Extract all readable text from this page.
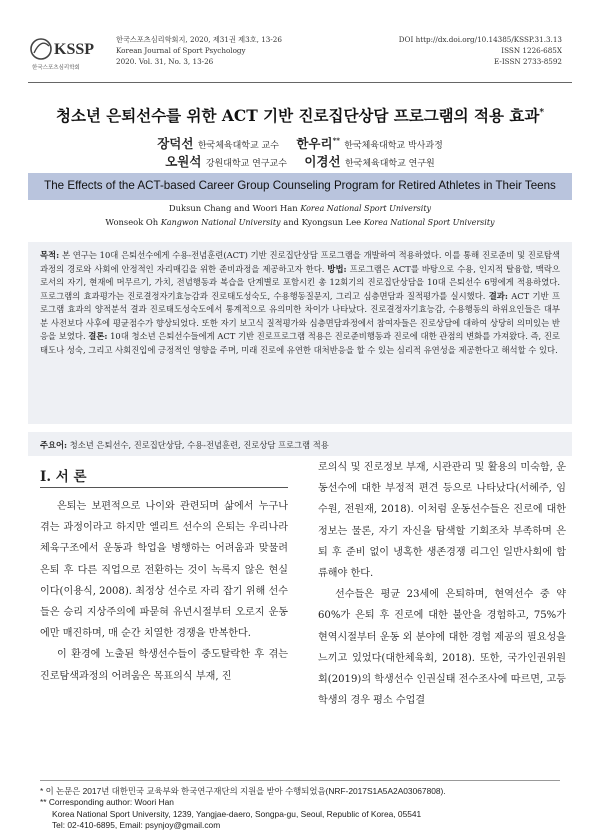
KSSP
한국스포츠심리학회
한국스포츠심리학회지, 2020, 제31권 제3호, 13-26
Korean Journal of Sport Psychology
2020. Vol. 31, No. 3, 13-26
DOI http://dx.doi.org/10.14385/KSSP.31.3.13
ISSN 1226-685X
E-ISSN 2733-8592
청소년 은퇴선수를 위한 ACT 기반 진로집단상담 프로그램의 적용 효과*
장덕선 한국체육대학교 교수 한우리** 한국체육대학교 박사과정
오원석 강원대학교 연구교수 이경선 한국체육대학교 연구원
The Effects of the ACT-based Career Group Counseling Program for Retired Athletes in Their Teens
Duksun Chang and Woori Han Korea National Sport University
Wonseok Oh Kangwon National University and Kyongsun Lee Korea National Sport University
목적: 본 연구는 10대 은퇴선수에게 수용-전념훈련(ACT) 기반 진로집단상담 프로그램을 개발하여 적용하였다. 이를 통해 진로준비 및 진로탐색 과정의 경로와 사회에 안정적인 자리매김을 위한 준비과정을 제공하고자 한다. 방법: 프로그램은 ACT를 바탕으로 수용, 인지적 탈융합, 맥락으로서의 자기, 현재에 머무르기, 가치, 전념행동과 복습을 단계별로 포함시킨 총 12회기의 진로집단상담을 10대 은퇴선수 6명에게 적용하였다. 프로그램의 효과평가는 진로결정자기효능감과 진로태도성숙도, 수용행동질문지, 그리고 심층면담과 질적평가를 실시했다. 결과: ACT 기반 프로그램 효과의 양적분석 결과 진로태도성숙도에서 통계적으로 유의미한 차이가 나타났다. 진로결정자기효능감, 수용행동의 하위요인들은 대부분 사전보다 사후에 평균점수가 향상되었다. 또한 자기 보고식 질적평가와 심층면담과정에서 참여자들은 진로상담에 대하여 상당히 의미있는 반응을 보였다. 결론: 10대 청소년 은퇴선수들에게 ACT 기반 진로프로그램 적용은 진로준비행동과 진로에 대한 관점의 변화를 가져왔다. 즉, 진로태도나 성숙, 그리고 사회진입에 긍정적인 영향을 주며, 미래 진로에 유연한 대처반응을 할 수 있는 심리적 유연성을 제공한다고 해석할 수 있다.
주요어: 청소년 은퇴선수, 진로집단상담, 수용-전념훈련, 진로상담 프로그램 적용
I. 서 론

은퇴는 보편적으로 나이와 관련되며 삶에서 누구나 겪는 과정이라고 하지만 엘리트 선수의 은퇴는 우리나라 체육구조에서 운동과 학업을 병행하는 어려움과 맞물려 은퇴 후 다른 직업으로 전환하는 것이 녹록지 않은 현실이다(이용식, 2008). 최정상 선수로 자리 잡기 위해 선수들은 승리 지상주의에 파묻혀 유년시절부터 오로지 운동에만 매진하며, 매 순간 치열한 경쟁을 반복한다.

이 환경에 노출된 학생선수들이 중도탈락한 후 겪는 진로탐색과정의 어려움은 목표의식 부재, 진

로의식 및 진로정보 부재, 시관관리 및 활용의 미숙함, 운동선수에 대한 부정적 편견 등으로 나타났다(서혜주, 임수원, 전원재, 2018). 이처럼 운동선수들은 진로에 대한 정보는 물론, 자기 자신을 탐색할 기회조차 부족하며 은퇴 후 준비 없이 냉혹한 생존경쟁 리그인 일반사회에 합류해야 한다.

선수들은 평균 23세에 은퇴하며, 현역선수 중 약 60%가 은퇴 후 진로에 대한 불안을 경험하고, 75%가 현역시절부터 운동 외 분야에 대한 경험 제공의 필요성을 느끼고 있었다(대한체육회, 2018). 또한, 국가인권위원회(2019)의 학생선수 인권실태 전수조사에 따르면, 고등학생의 경우 평소 수업결

* 이 논문은 2017년 대한민국 교육부와 한국연구재단의 지원을 받아 수행되었음(NRF-2017S1A5A2A03067808).
** Corresponding author: Woori Han
Korea National Sport University, 1239, Yangjae-daero, Songpa-gu, Seoul, Republic of Korea, 05541
Tel: 02-410-6895, Email: psynjoy@gmail.com
